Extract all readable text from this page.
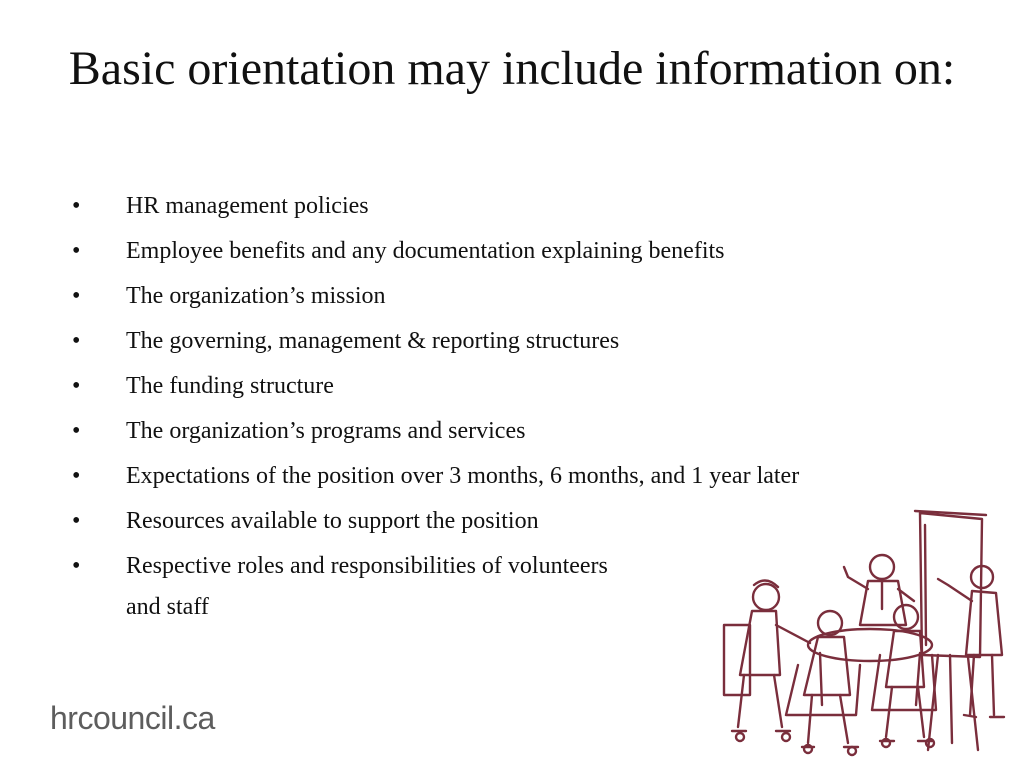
Basic orientation may include information on:
• HR management policies
• Employee benefits and any documentation explaining benefits
• The organization’s mission
• The governing, management & reporting structures
• The funding structure
• The organization’s programs and services
• Expectations of the position over 3 months, 6 months, and 1 year later
• Resources available to support the position
• Respective roles and responsibilities of volunteers
and staff
hrcouncil.ca
